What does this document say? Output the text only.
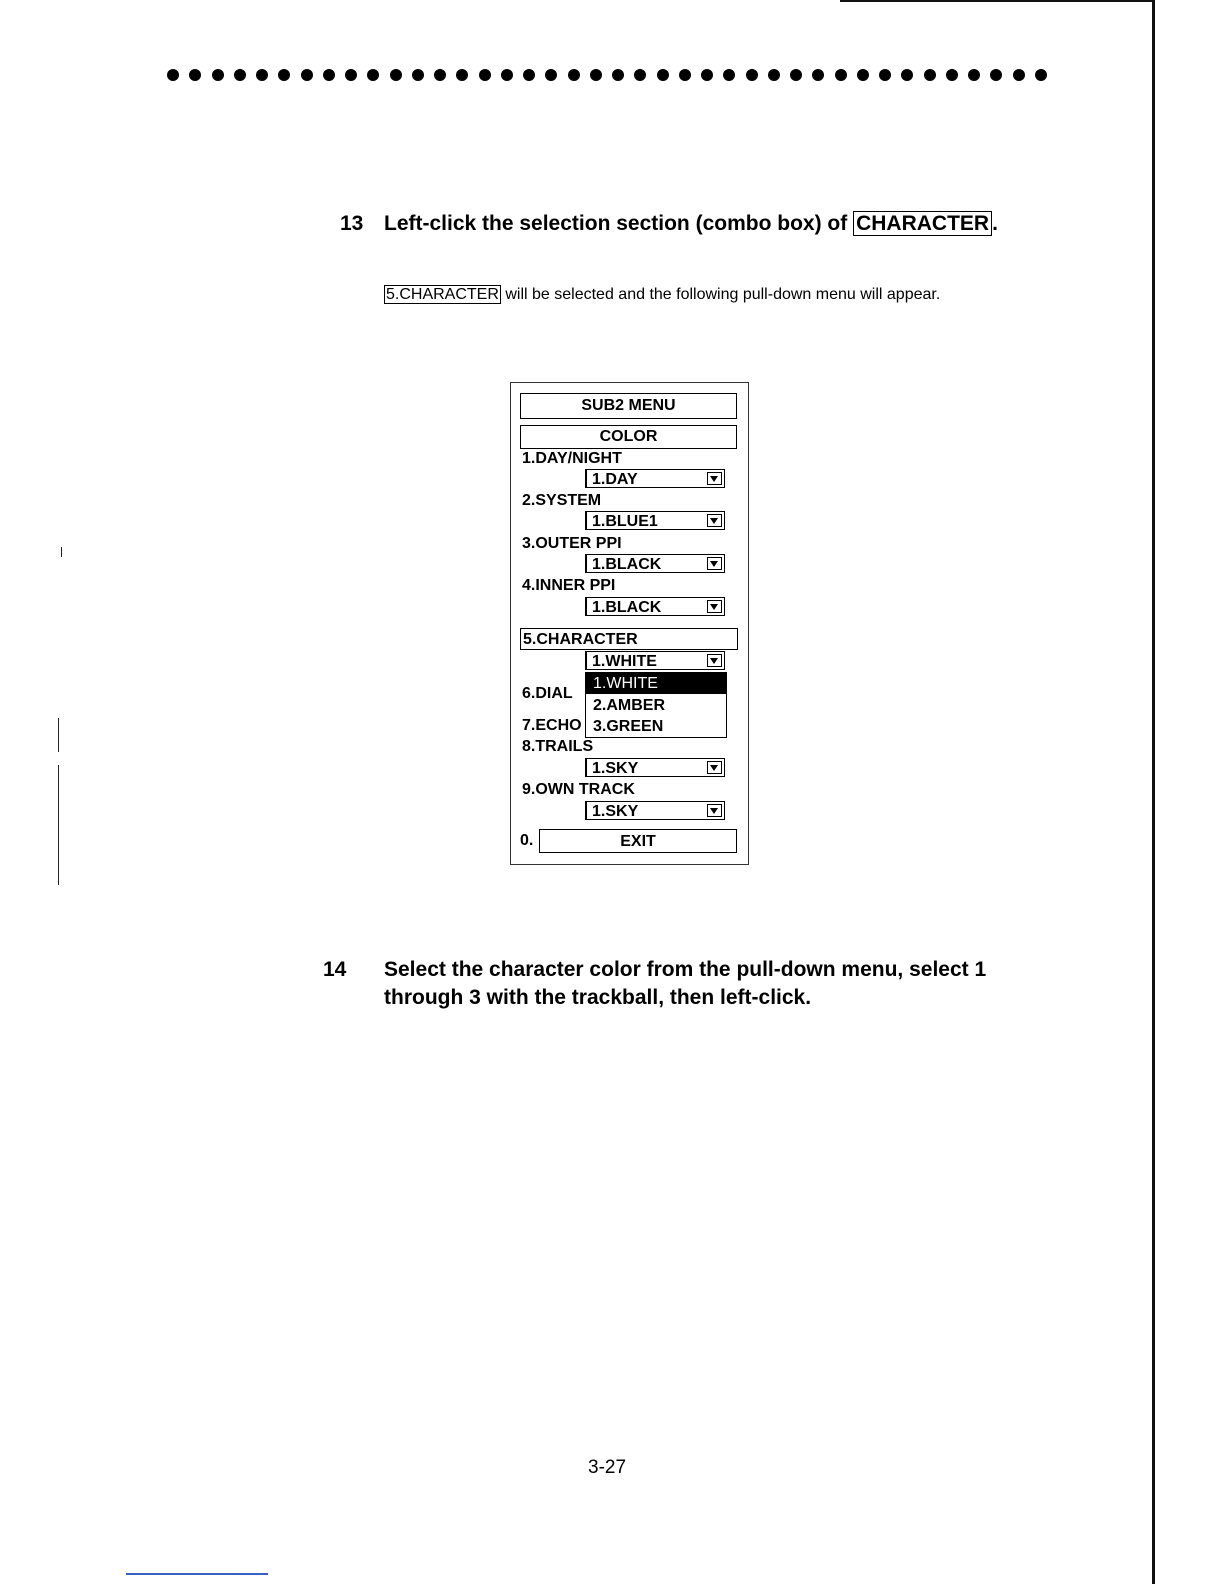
13 Left-click the selection section (combo box) of CHARACTER .
5.CHARACTER will be selected and the following pull-down menu will appear.
SUB2 MENU
COLOR
1.DAY/NIGHT
1.DAY
2.SYSTEM
1.BLUE1
3.OUTER PPI
1.BLACK
4.INNER PPI
1.BLACK
5.CHARACTER
1.WHITE
6.DIAL
7.ECHO
1.WHITE
2.AMBER
3.GREEN
8.TRAILS
1.SKY
9.OWN TRACK
1.SKY
0.	EXIT
14 Select the character color from the pull-down menu, select 1
through 3 with the trackball, then left-click.
3-27
